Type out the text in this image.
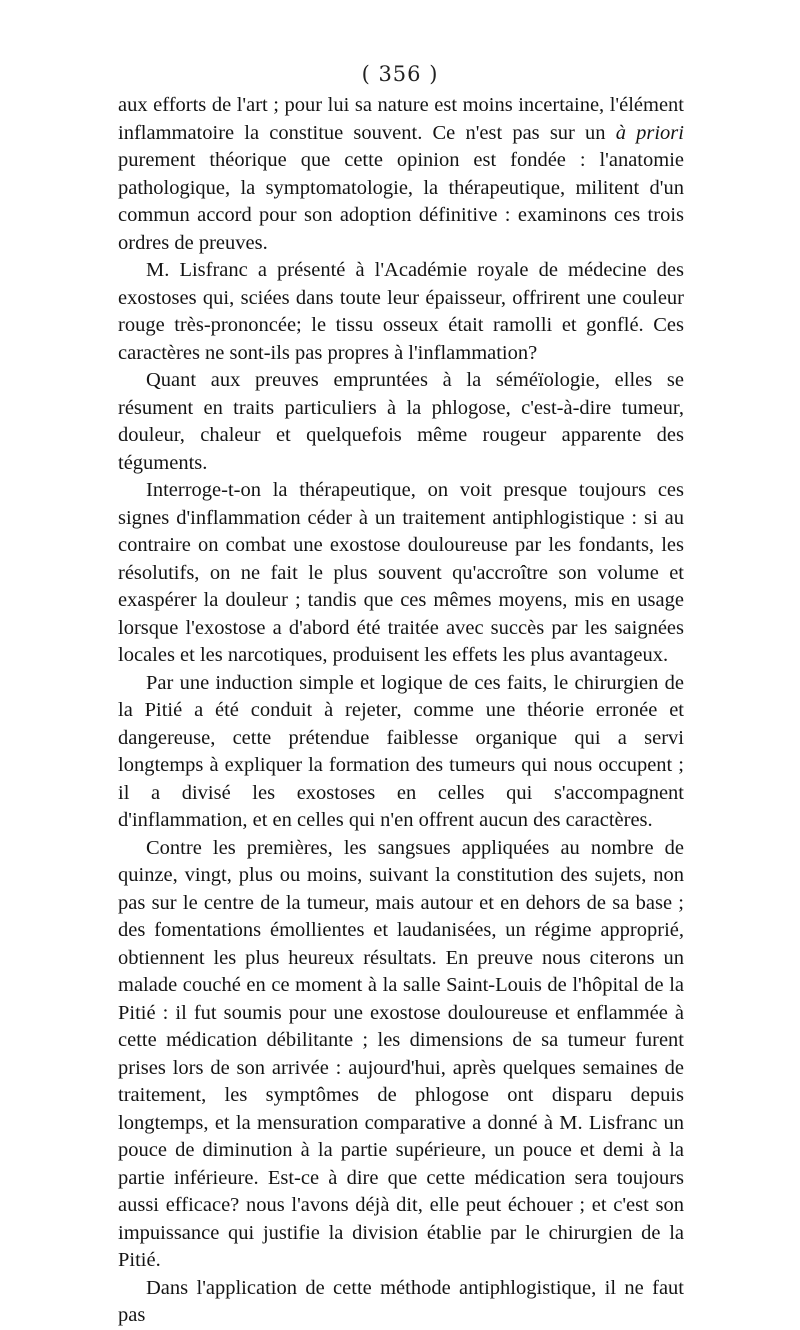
( 356 )

aux efforts de l'art ; pour lui sa nature est moins incertaine, l'élément inflammatoire la constitue souvent. Ce n'est pas sur un à priori purement théorique que cette opinion est fondée : l'anatomie pathologique, la symptomatologie, la thérapeutique, militent d'un commun accord pour son adoption définitive : examinons ces trois ordres de preuves.

M. Lisfranc a présenté à l'Académie royale de médecine des exostoses qui, sciées dans toute leur épaisseur, offrirent une couleur rouge très-prononcée; le tissu osseux était ramolli et gonflé. Ces caractères ne sont-ils pas propres à l'inflammation?

Quant aux preuves empruntées à la séméïologie, elles se résument en traits particuliers à la phlogose, c'est-à-dire tumeur, douleur, chaleur et quelquefois même rougeur apparente des téguments.

Interroge-t-on la thérapeutique, on voit presque toujours ces signes d'inflammation céder à un traitement antiphlogistique : si au contraire on combat une exostose douloureuse par les fondants, les résolutifs, on ne fait le plus souvent qu'accroître son volume et exaspérer la douleur ; tandis que ces mêmes moyens, mis en usage lorsque l'exostose a d'abord été traitée avec succès par les saignées locales et les narcotiques, produisent les effets les plus avantageux.

Par une induction simple et logique de ces faits, le chirurgien de la Pitié a été conduit à rejeter, comme une théorie erronée et dangereuse, cette prétendue faiblesse organique qui a servi longtemps à expliquer la formation des tumeurs qui nous occupent ; il a divisé les exostoses en celles qui s'accompagnent d'inflammation, et en celles qui n'en offrent aucun des caractères.

Contre les premières, les sangsues appliquées au nombre de quinze, vingt, plus ou moins, suivant la constitution des sujets, non pas sur le centre de la tumeur, mais autour et en dehors de sa base ; des fomentations émollientes et laudanisées, un régime approprié, obtiennent les plus heureux résultats. En preuve nous citerons un malade couché en ce moment à la salle Saint-Louis de l'hôpital de la Pitié : il fut soumis pour une exostose douloureuse et enflammée à cette médication débilitante ; les dimensions de sa tumeur furent prises lors de son arrivée : aujourd'hui, après quelques semaines de traitement, les symptômes de phlogose ont disparu depuis longtemps, et la mensuration comparative a donné à M. Lisfranc un pouce de diminution à la partie supérieure, un pouce et demi à la partie inférieure. Est-ce à dire que cette médication sera toujours aussi efficace? nous l'avons déjà dit, elle peut échouer ; et c'est son impuissance qui justifie la division établie par le chirurgien de la Pitié.

Dans l'application de cette méthode antiphlogistique, il ne faut pas
